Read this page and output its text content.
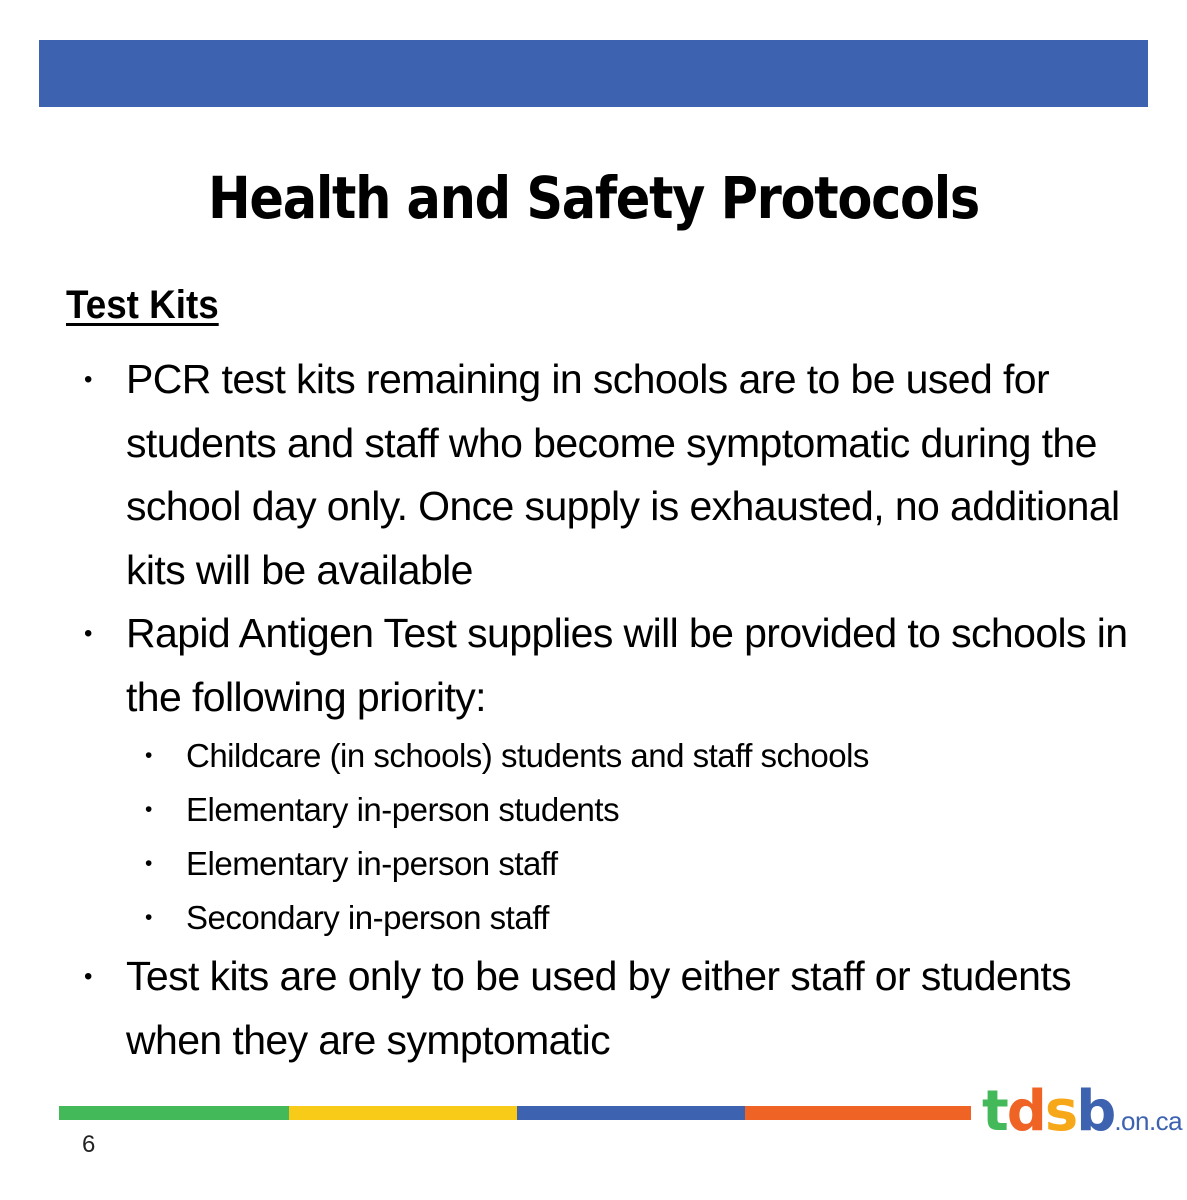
Health and Safety Protocols
Test Kits
• PCR test kits remaining in schools are to be used for students and staff who become symptomatic during the school day only. Once supply is exhausted, no additional kits will be available
• Rapid Antigen Test supplies will be provided to schools in the following priority:
• Childcare (in schools) students and staff schools
• Elementary in-person students
• Elementary in-person staff
• Secondary in-person staff
• Test kits are only to be used by either staff or students when they are symptomatic
tdsb.on.ca
6
